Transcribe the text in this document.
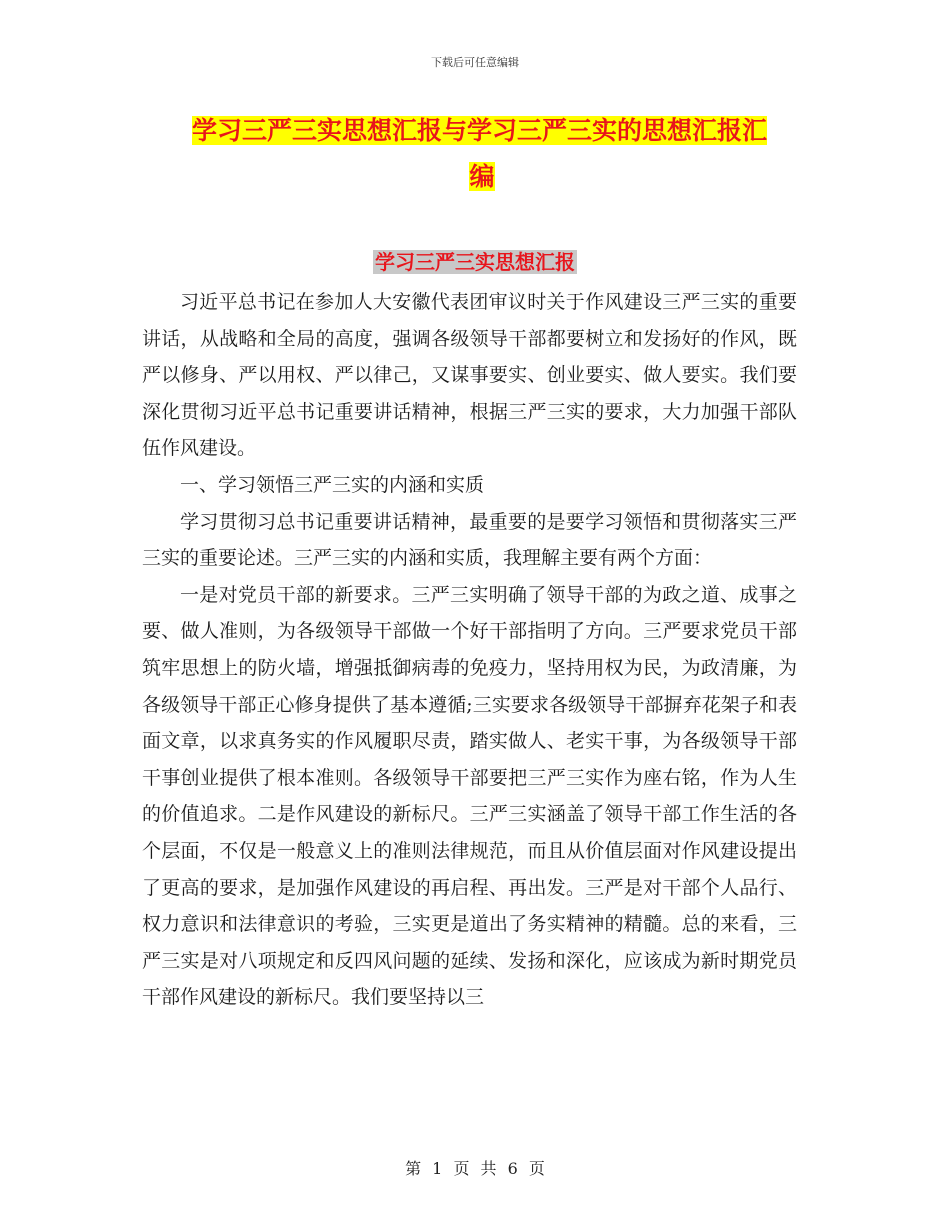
下载后可任意编辑
学习三严三实思想汇报与学习三严三实的思想汇报汇

编
学习三严三实思想汇报

习近平总书记在参加人大安徽代表团审议时关于作风建设三严三实的重要讲话，从战略和全局的高度，强调各级领导干部都要树立和发扬好的作风，既严以修身、严以用权、严以律己，又谋事要实、创业要实、做人要实。我们要深化贯彻习近平总书记重要讲话精神，根据三严三实的要求，大力加强干部队伍作风建设。

一、学习领悟三严三实的内涵和实质

学习贯彻习总书记重要讲话精神，最重要的是要学习领悟和贯彻落实三严三实的重要论述。三严三实的内涵和实质，我理解主要有两个方面：

一是对党员干部的新要求。三严三实明确了领导干部的为政之道、成事之要、做人准则，为各级领导干部做一个好干部指明了方向。三严要求党员干部筑牢思想上的防火墙，增强抵御病毒的免疫力，坚持用权为民，为政清廉，为各级领导干部正心修身提供了基本遵循;三实要求各级领导干部摒弃花架子和表面文章，以求真务实的作风履职尽责，踏实做人、老实干事，为各级领导干部干事创业提供了根本准则。各级领导干部要把三严三实作为座右铭，作为人生的价值追求。二是作风建设的新标尺。三严三实涵盖了领导干部工作生活的各个层面，不仅是一般意义上的准则法律规范，而且从价值层面对作风建设提出了更高的要求，是加强作风建设的再启程、再出发。三严是对干部个人品行、权力意识和法律意识的考验，三实更是道出了务实精神的精髓。总的来看，三严三实是对八项规定和反四风问题的延续、发扬和深化，应该成为新时期党员干部作风建设的新标尺。我们要坚持以三

第 1 页 共 6 页
